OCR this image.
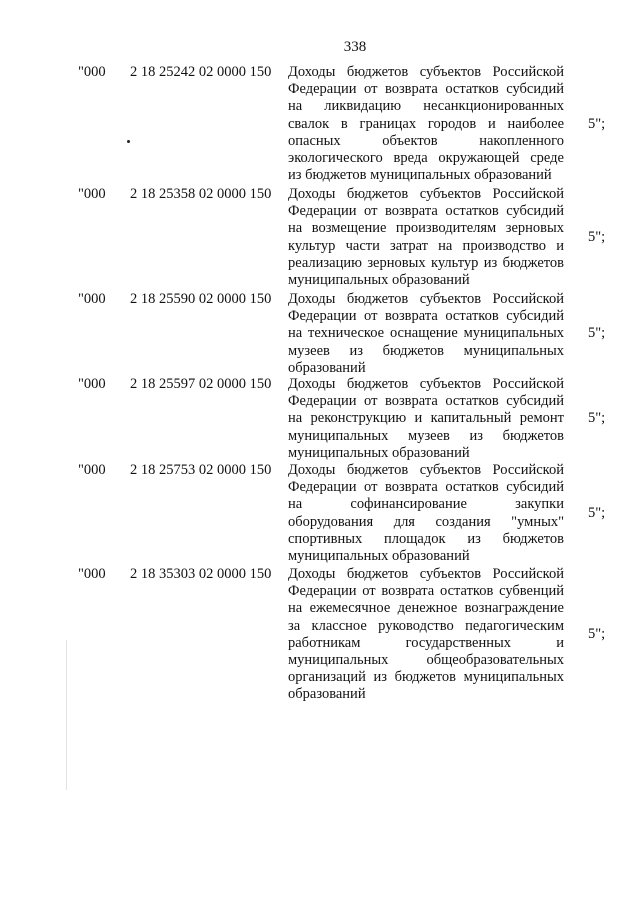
338
"000 2 18 25242 02 0000 150 Доходы бюджетов субъектов Российской
Федерации от возврата остатков субсидий
на ликвидацию несанкционированных
свалок в границах городов и наиболее
опасных объектов накопленного
экологического вреда окружающей среде
из бюджетов муниципальных образований
5";
"000 2 18 25358 02 0000 150 Доходы бюджетов субъектов Российской
Федерации от возврата остатков субсидий
на возмещение производителям зерновых
культур части затрат на производство и
реализацию зерновых культур из бюджетов
муниципальных образований
5";
"000 2 18 25590 02 0000 150 Доходы бюджетов субъектов Российской
Федерации от возврата остатков субсидий
на техническое оснащение муниципальных
музеев из бюджетов муниципальных
образований
5";
"000 2 18 25597 02 0000 150 Доходы бюджетов субъектов Российской
Федерации от возврата остатков субсидий
на реконструкцию и капитальный ремонт
муниципальных музеев из бюджетов
муниципальных образований
5";
"000 2 18 25753 02 0000 150 Доходы бюджетов субъектов Российской
Федерации от возврата остатков субсидий
на софинансирование закупки
оборудования для создания "умных"
спортивных площадок из бюджетов
муниципальных образований
5";
"000 2 18 35303 02 0000 150 Доходы бюджетов субъектов Российской
Федерации от возврата остатков субвенций
на ежемесячное денежное вознаграждение
за классное руководство педагогическим
работникам государственных и
муниципальных общеобразовательных
организаций из бюджетов муниципальных
образований
5";
